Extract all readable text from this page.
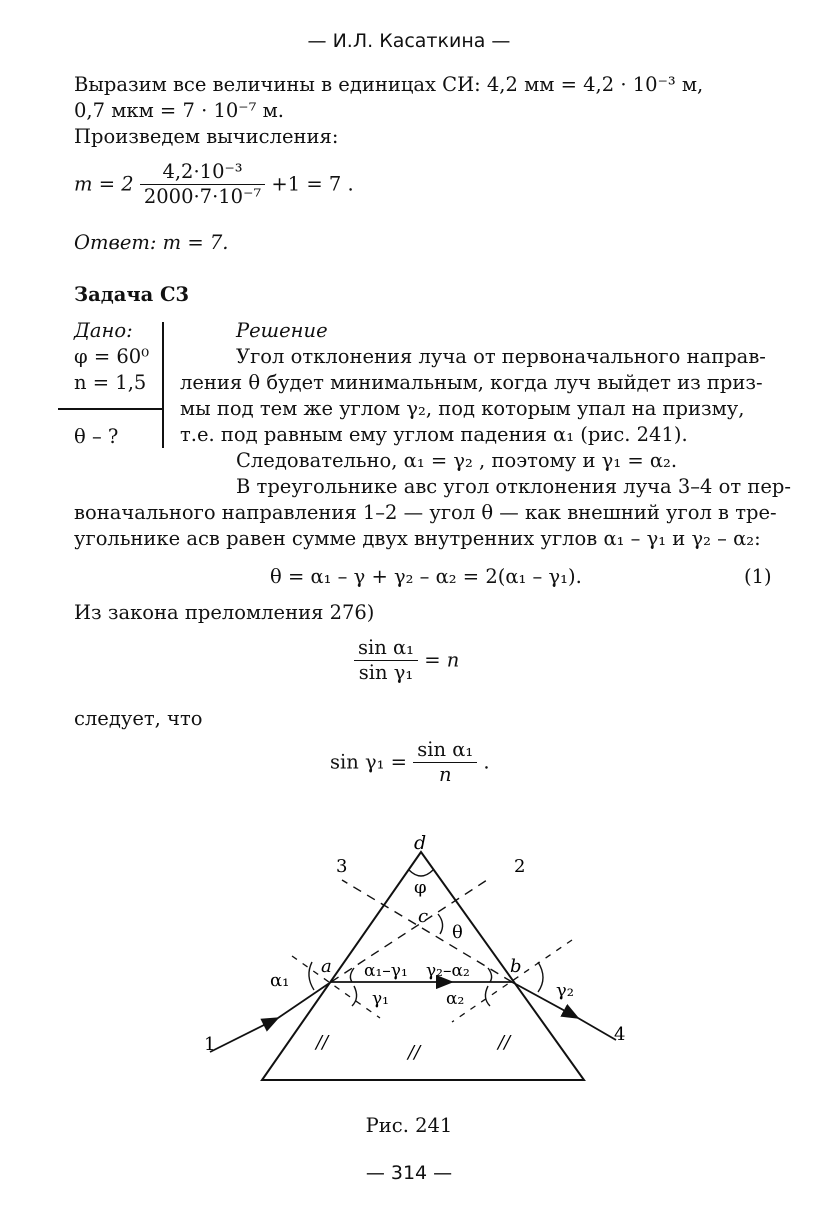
— И.Л. Касаткина —
Выразим все величины в единицах СИ: 4,2 мм = 4,2 · 10⁻³ м,
0,7 мкм = 7 · 10⁻⁷ м.
Произведем вычисления:
$m = 2 \frac{\text{4,2·10⁻³}}{\text{2000·7·10⁻⁷}} +1 = 7$ .
Ответ: m = 7.
Задача С3
Дано:
φ = 60⁰
n = 1,5
θ – ?
Решение
Угол отклонения луча от первоначального направ-
ления θ будет минимальным, когда луч выйдет из приз-
мы под тем же углом γ₂, под которым упал на призму,
т.е. под равным ему углом падения α₁ (рис. 241).
Следовательно, α₁ = γ₂ , поэтому и γ₁ = α₂.
В треугольнике авс угол отклонения луча 3–4 от пер-
воначального направления 1–2 — угол θ — как внешний угол в тре-
угольнике асв равен сумме двух внутренних углов α₁ – γ₁ и γ₂ – α₂:
θ = α₁ – γ + γ₂ – α₂ = 2(α₁ – γ₁).	(1)
Из закона преломления 276)
$\frac{\text{sin α₁}}{\text{sin γ₁}} = n$
следует, что
$\sin \gamma_1 = \frac{\text{sin α₁}}{n}$ .
d
φ
c
θ
3	2
a	b
α₁	α₁–γ₁ γ₂–α₂
γ₁	α₂	γ₂
1	4
//	//	//
Рис. 241
— 314 —
